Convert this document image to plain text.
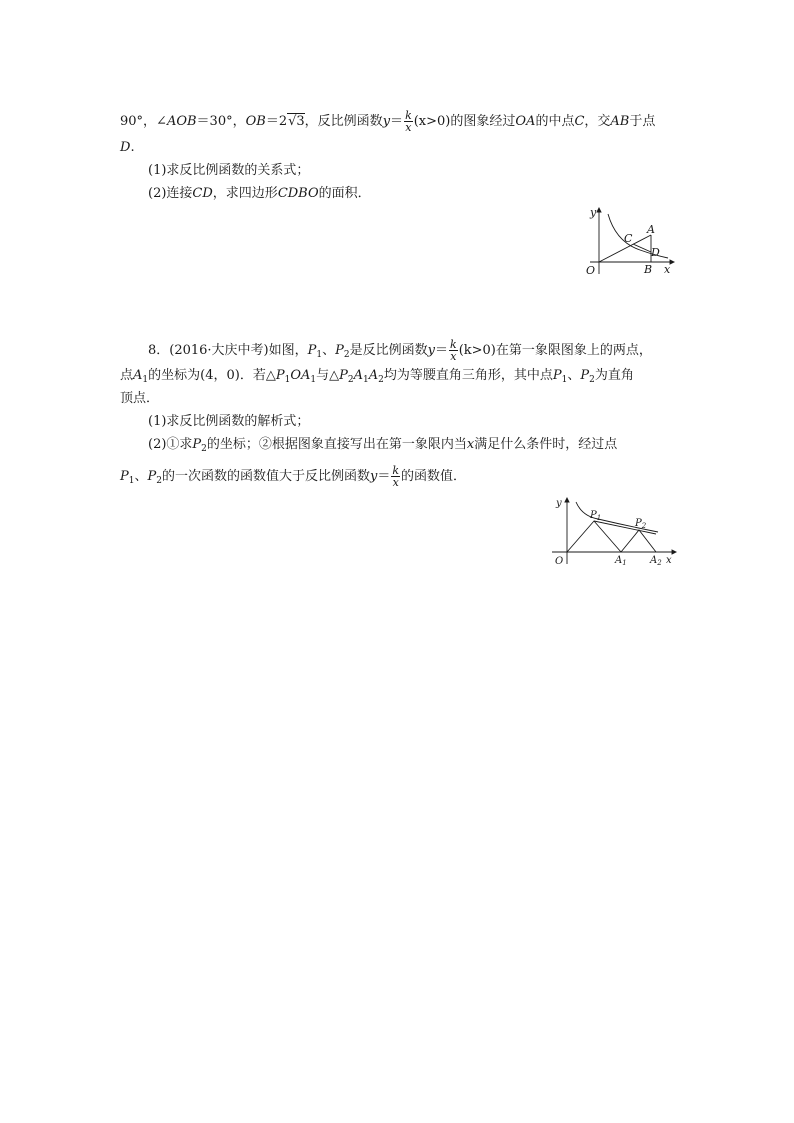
90°，∠AOB＝30°，OB＝2√3，反比例函数$y= \frac{k}{x} (x>0)$的图象经过OA的中点C，交AB于点
D.
(1)求反比例函数的关系式；
(2)连接CD，求四边形CDBO的面积．
y
O
C
A
D
B x
8．(2016·大庆中考)如图，$P_1$、$P_2$是反比例函数$y= \frac{k}{x} (k>0)$在第一象限图象上的两点，
点$A_1$的坐标为(4，0)．若$\triangle P_1OA_1$与$\triangle P_2A_1A_2$均为等腰直角三角形，其中点$P_1$、$P_2$为直角
顶点．
(1)求反比例函数的解析式；
(2)①求$P_2$的坐标；②根据图象直接写出在第一象限内当x满足什么条件时，经过点
$P_1$、$P_2$的一次函数的函数值大于反比例函数$y= \frac{k}{x}$ 的函数值．
y
O
$P_1$	$P_2$
$A_1$ $A_2$ x
